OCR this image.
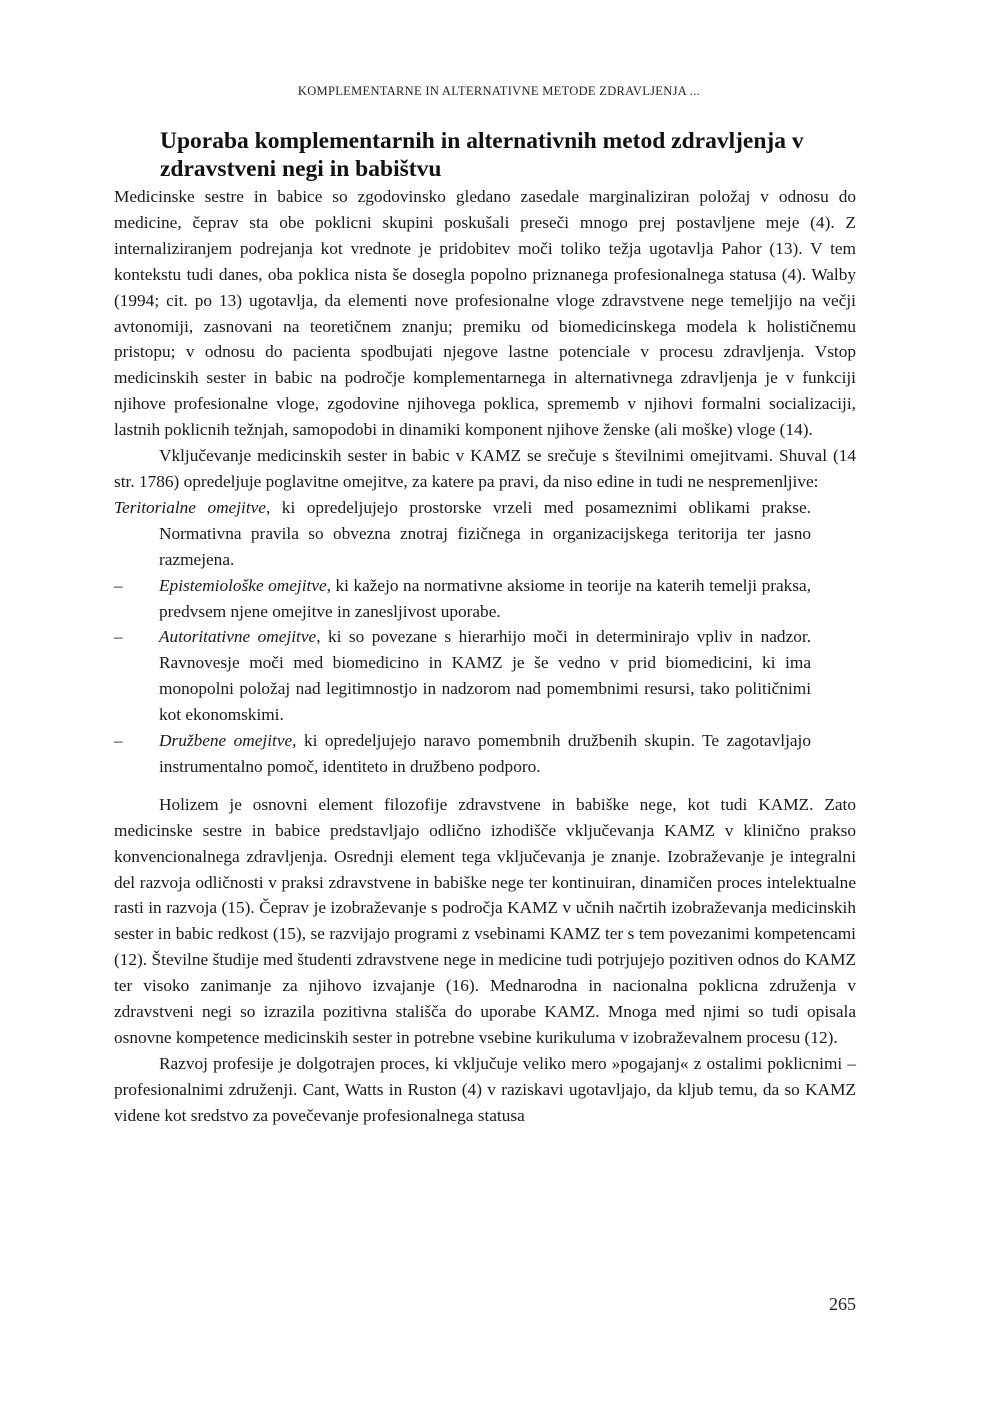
KOMPLEMENTARNE IN ALTERNATIVNE METODE ZDRAVLJENJA ...
Uporaba komplementarnih in alternativnih metod zdravljenja v zdravstveni negi in babištvu

Medicinske sestre in babice so zgodovinsko gledano zasedale marginaliziran položaj v odnosu do medicine, čeprav sta obe poklicni skupini poskušali preseči mnogo prej postavljene meje (4). Z internaliziranjem podrejanja kot vrednote je pridobitev moči toliko težja ugotavlja Pahor (13). V tem kontekstu tudi danes, oba poklica nista še dosegla popolno priznanega profesionalnega statusa (4). Walby (1994; cit. po 13) ugotavlja, da elementi nove profesionalne vloge zdravstvene nege temeljijo na večji avtonomiji, zasnovani na teoretičnem znanju; premiku od biomedicinskega modela k holističnemu pristopu; v odnosu do pacienta spodbujati njegove lastne potenciale v procesu zdravljenja. Vstop medicinskih sester in babic na področje komplementarnega in alternativnega zdravljenja je v funkciji njihove profesionalne vloge, zgodovine njihovega poklica, sprememb v njihovi formalni socializaciji, lastnih poklicnih težnjah, samopodobi in dinamiki komponent njihove ženske (ali moške) vloge (14).

Vključevanje medicinskih sester in babic v KAMZ se srečuje s številnimi omejitvami. Shuval (14 str. 1786) opredeljuje poglavitne omejitve, za katere pa pravi, da niso edine in tudi ne nespremenljive:

Teritorialne omejitve, ki opredeljujejo prostorske vrzeli med posameznimi oblikami prakse. Normativna pravila so obvezna znotraj fizičnega in organizacijskega teritorija ter jasno razmejena.
– Epistemiološke omejitve, ki kažejo na normativne aksiome in teorije na katerih temelji praksa, predvsem njene omejitve in zanesljivost uporabe.
– Autoritativne omejitve, ki so povezane s hierarhijo moči in determinirajo vpliv in nadzor. Ravnovesje moči med biomedicino in KAMZ je še vedno v prid biomedicini, ki ima monopolni položaj nad legitimnostjo in nadzorom nad pomembnimi resursi, tako političnimi kot ekonomskimi.
– Družbene omejitve, ki opredeljujejo naravo pomembnih družbenih skupin. Te zagotavljajo instrumentalno pomoč, identiteto in družbeno podporo.

Holizem je osnovni element filozofije zdravstvene in babiške nege, kot tudi KAMZ. Zato medicinske sestre in babice predstavljajo odlično izhodišče vključevanja KAMZ v klinično prakso konvencionalnega zdravljenja. Osrednji element tega vključevanja je znanje. Izobraževanje je integralni del razvoja odličnosti v praksi zdravstvene in babiške nege ter kontinuiran, dinamičen proces intelektualne rasti in razvoja (15). Čeprav je izobraževanje s področja KAMZ v učnih načrtih izobraževanja medicinskih sester in babic redkost (15), se razvijajo programi z vsebinami KAMZ ter s tem povezanimi kompetencami (12). Številne študije med študenti zdravstvene nege in medicine tudi potrjujejo pozitiven odnos do KAMZ ter visoko zanimanje za njihovo izvajanje (16). Mednarodna in nacionalna poklicna združenja v zdravstveni negi so izrazila pozitivna stališča do uporabe KAMZ. Mnoga med njimi so tudi opisala osnovne kompetence medicinskih sester in potrebne vsebine kurikuluma v izobraževalnem procesu (12).

Razvoj profesije je dolgotrajen proces, ki vključuje veliko mero »pogajanj« z ostalimi poklicnimi – profesionalnimi združenji. Cant, Watts in Ruston (4) v raziskavi ugotavljajo, da kljub temu, da so KAMZ videne kot sredstvo za povečevanje profesionalnega statusa

265
